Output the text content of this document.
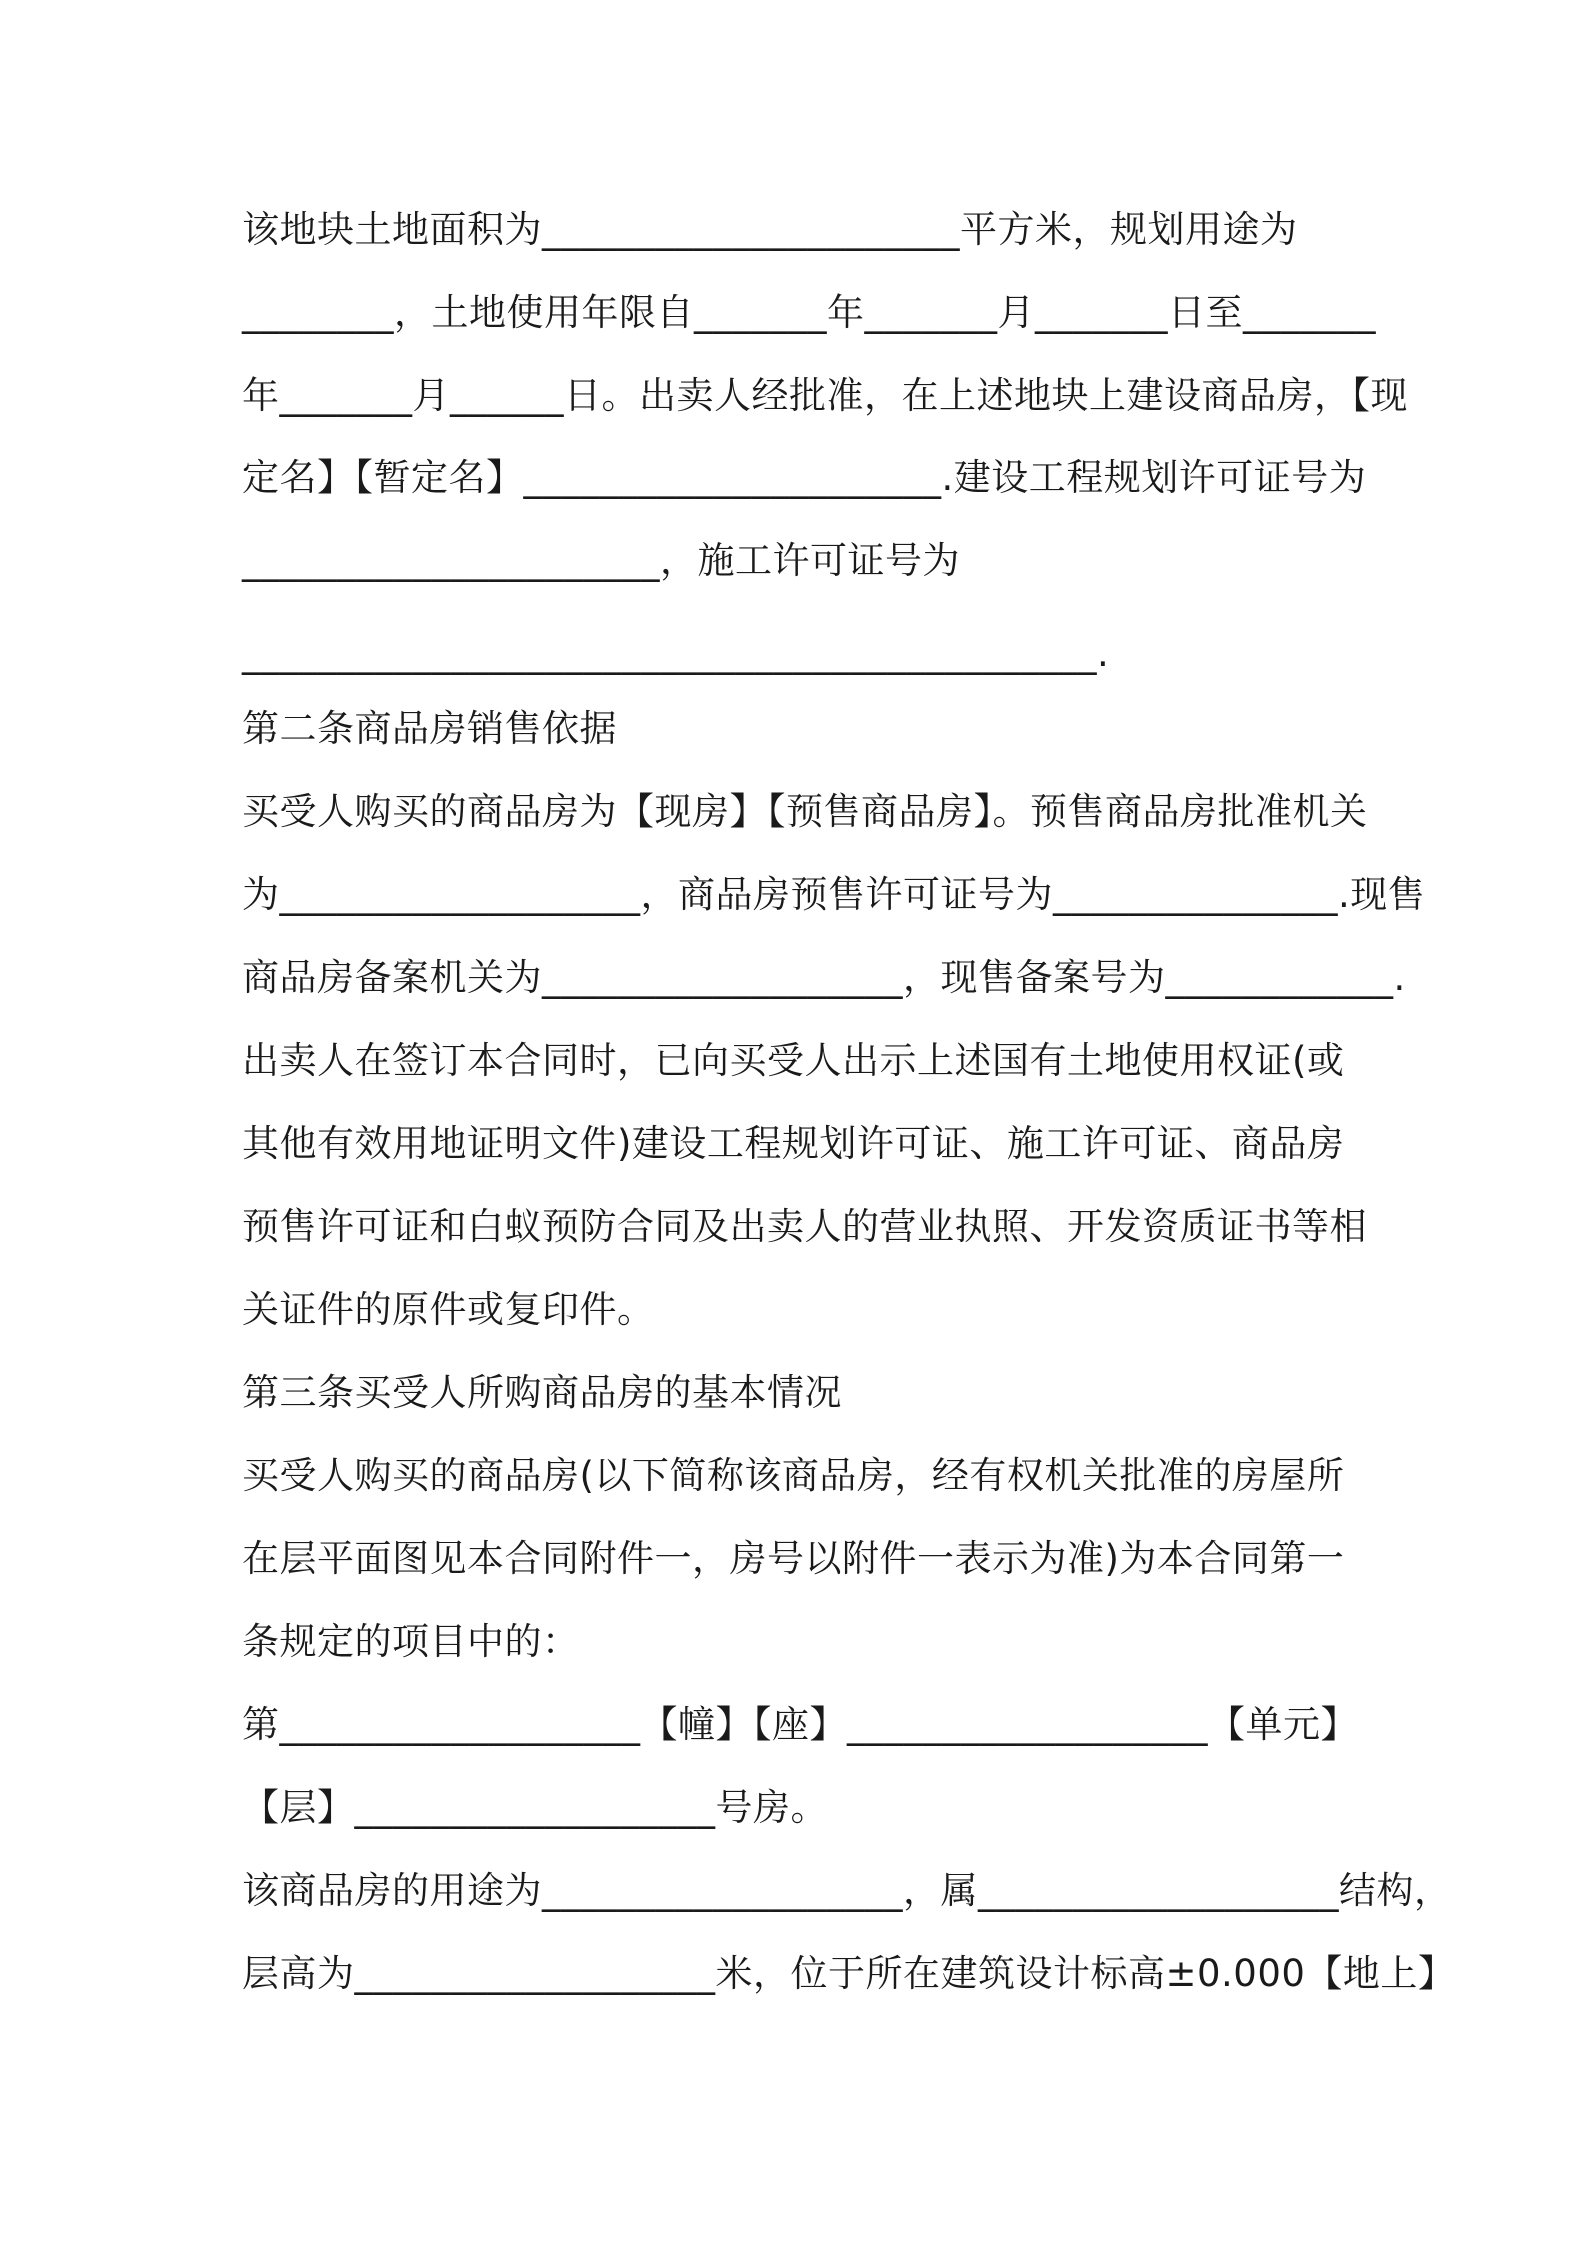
该地块土地面积为______________________平方米，规划用途为

________，土地使用年限自_______年_______月_______日至_______

年_______月______日。出卖人经批准，在上述地块上建设商品房，【现

定名】【暂定名】______________________.建设工程规划许可证号为

______________________，施工许可证号为

_____________________________________________.

第二条商品房销售依据

买受人购买的商品房为【现房】【预售商品房】。预售商品房批准机关

为___________________，商品房预售许可证号为_______________.现售

商品房备案机关为___________________，现售备案号为____________.

出卖人在签订本合同时，已向买受人出示上述国有土地使用权证(或

其他有效用地证明文件)建设工程规划许可证、施工许可证、商品房

预售许可证和白蚁预防合同及出卖人的营业执照、开发资质证书等相

关证件的原件或复印件。

第三条买受人所购商品房的基本情况

买受人购买的商品房(以下简称该商品房，经有权机关批准的房屋所

在层平面图见本合同附件一，房号以附件一表示为准)为本合同第一

条规定的项目中的：

第___________________【幢】【座】___________________【单元】

【层】___________________号房。

该商品房的用途为___________________，属___________________结构，

层高为___________________米，位于所在建筑设计标高±0.000【地上】
